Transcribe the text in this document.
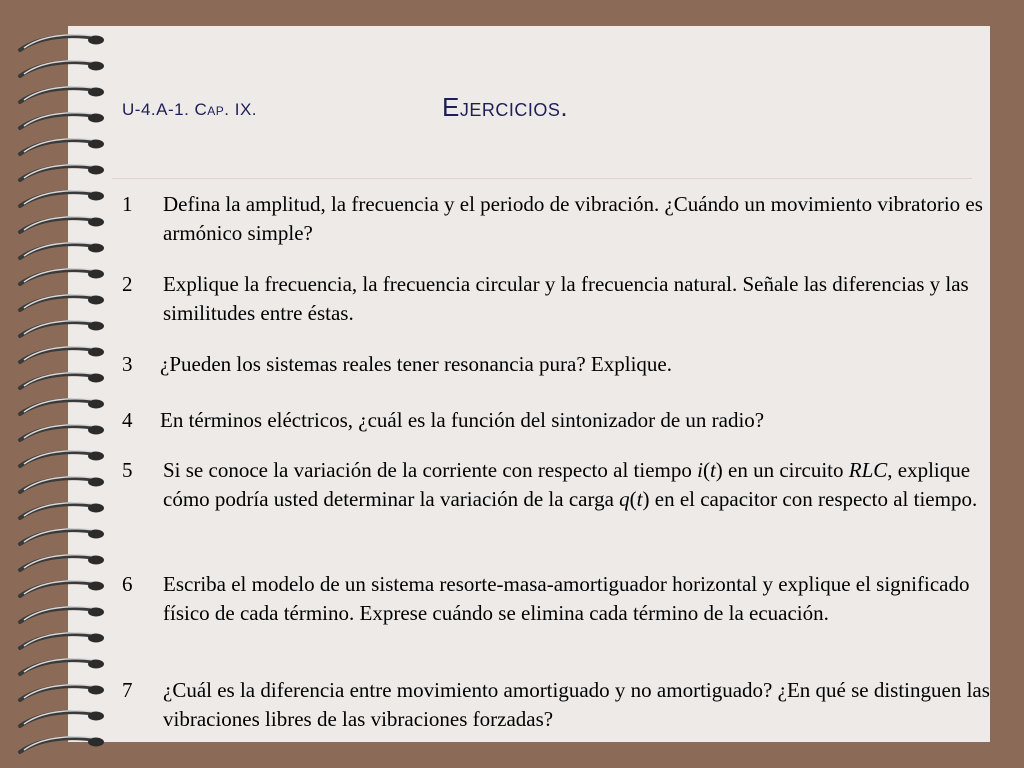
U-4.A-1. Cap. IX.	Ejercicios.
1 Defina la amplitud, la frecuencia y el periodo de vibración. ¿Cuándo un movimiento vibratorio es armónico simple?
2 Explique la frecuencia, la frecuencia circular y la frecuencia natural. Señale las diferencias y las similitudes entre éstas.
3 ¿Pueden los sistemas reales tener resonancia pura? Explique.
4 En términos eléctricos, ¿cuál es la función del sintonizador de un radio?
5 Si se conoce la variación de la corriente con respecto al tiempo i(t) en un circuito RLC, explique cómo podría usted determinar la variación de la carga q(t) en el capacitor con respecto al tiempo.
6 Escriba el modelo de un sistema resorte-masa-amortiguador horizontal y explique el significado físico de cada término. Exprese cuándo se elimina cada término de la ecuación.
7 ¿Cuál es la diferencia entre movimiento amortiguado y no amortiguado? ¿En qué se distinguen las vibraciones libres de las vibraciones forzadas?
